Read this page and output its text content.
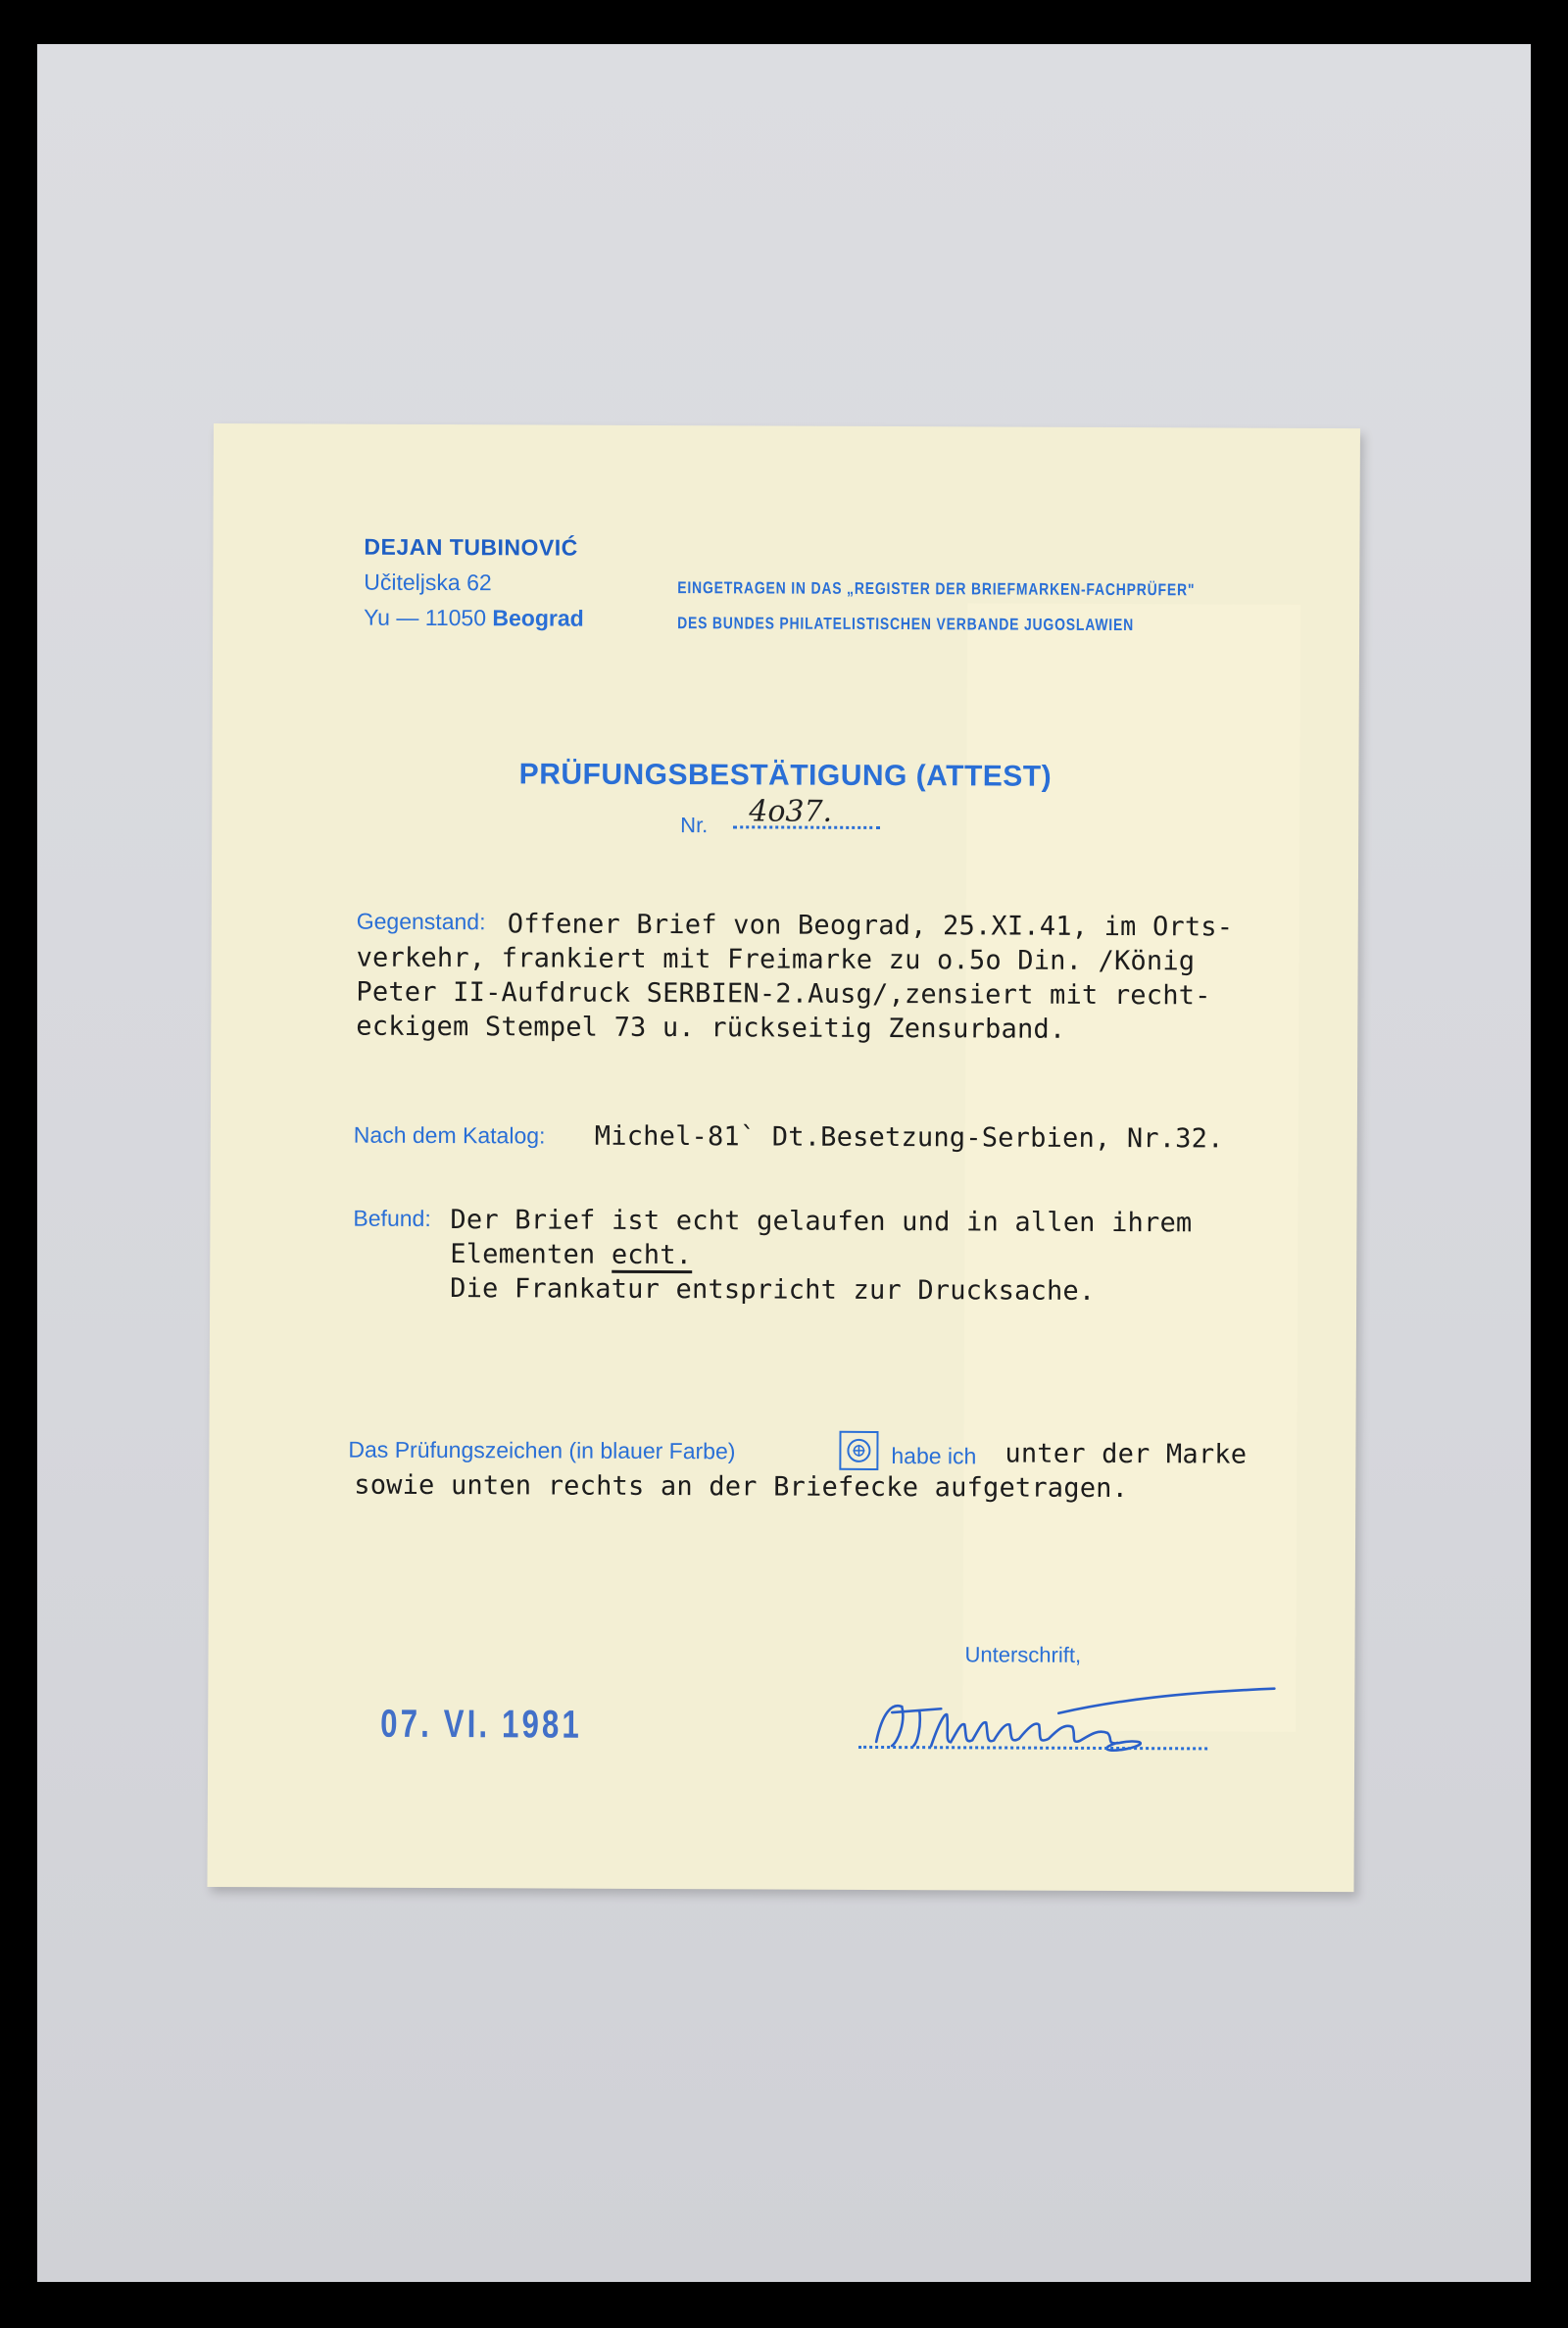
DEJAN TUBINOVIĆ
Učiteljska 62
Yu — 11050 Beograd
EINGETRAGEN IN DAS „REGISTER DER BRIEFMARKEN-FACHPRÜFER"
DES BUNDES PHILATELISTISCHEN VERBANDE JUGOSLAWIEN
PRÜFUNGSBESTÄTIGUNG (ATTEST)
Nr. 4o37.
Gegenstand: Offener Brief von Beograd, 25.XI.41, im Orts-
verkehr, frankiert mit Freimarke zu o.5o Din. /König
Peter II-Aufdruck SERBIEN-2.Ausg/,zensiert mit recht-
eckigem Stempel 73 u. rückseitig Zensurband.
Nach dem Katalog: Michel-81` Dt.Besetzung-Serbien, Nr.32.
Befund: Der Brief ist echt gelaufen und in allen ihrem
Elementen echt.
Die Frankatur entspricht zur Drucksache.
Das Prüfungszeichen (in blauer Farbe)	habe ich unter der Marke
sowie unten rechts an der Briefecke aufgetragen.
Unterschrift,
07. VI. 1981
